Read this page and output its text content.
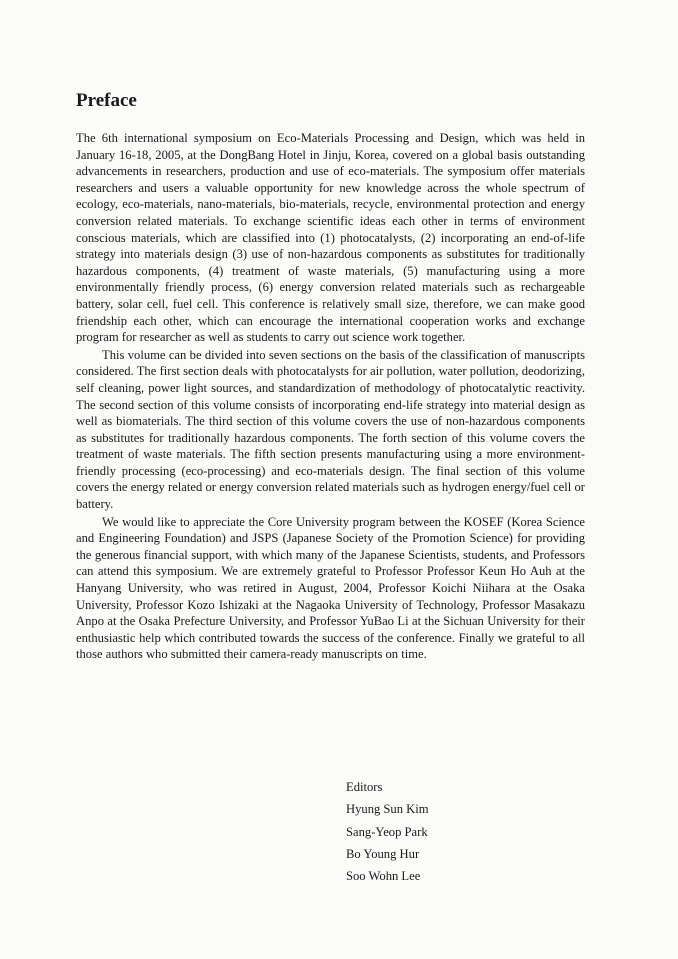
Preface

The 6th international symposium on Eco-Materials Processing and Design, which was held in January 16-18, 2005, at the DongBang Hotel in Jinju, Korea, covered on a global basis outstanding advancements in researchers, production and use of eco-materials. The symposium offer materials researchers and users a valuable opportunity for new knowledge across the whole spectrum of ecology, eco-materials, nano-materials, bio-materials, recycle, environmental protection and energy conversion related materials. To exchange scientific ideas each other in terms of environment conscious materials, which are classified into (1) photocatalysts, (2) incorporating an end-of-life strategy into materials design (3) use of non-hazardous components as substitutes for traditionally hazardous components, (4) treatment of waste materials, (5) manufacturing using a more environmentally friendly process, (6) energy conversion related materials such as rechargeable battery, solar cell, fuel cell. This conference is relatively small size, therefore, we can make good friendship each other, which can encourage the international cooperation works and exchange program for researcher as well as students to carry out science work together.

This volume can be divided into seven sections on the basis of the classification of manuscripts considered. The first section deals with photocatalysts for air pollution, water pollution, deodorizing, self cleaning, power light sources, and standardization of methodology of photocatalytic reactivity. The second section of this volume consists of incorporating end-life strategy into material design as well as biomaterials. The third section of this volume covers the use of non-hazardous components as substitutes for traditionally hazardous components. The forth section of this volume covers the treatment of waste materials. The fifth section presents manufacturing using a more environment-friendly processing (eco-processing) and eco-materials design. The final section of this volume covers the energy related or energy conversion related materials such as hydrogen energy/fuel cell or battery.

We would like to appreciate the Core University program between the KOSEF (Korea Science and Engineering Foundation) and JSPS (Japanese Society of the Promotion Science) for providing the generous financial support, with which many of the Japanese Scientists, students, and Professors can attend this symposium. We are extremely grateful to Professor Professor Keun Ho Auh at the Hanyang University, who was retired in August, 2004, Professor Koichi Niihara at the Osaka University, Professor Kozo Ishizaki at the Nagaoka University of Technology, Professor Masakazu Anpo at the Osaka Prefecture University, and Professor YuBao Li at the Sichuan University for their enthusiastic help which contributed towards the success of the conference. Finally we grateful to all those authors who submitted their camera-ready manuscripts on time.

Editors
Hyung Sun Kim
Sang-Yeop Park
Bo Young Hur
Soo Wohn Lee
